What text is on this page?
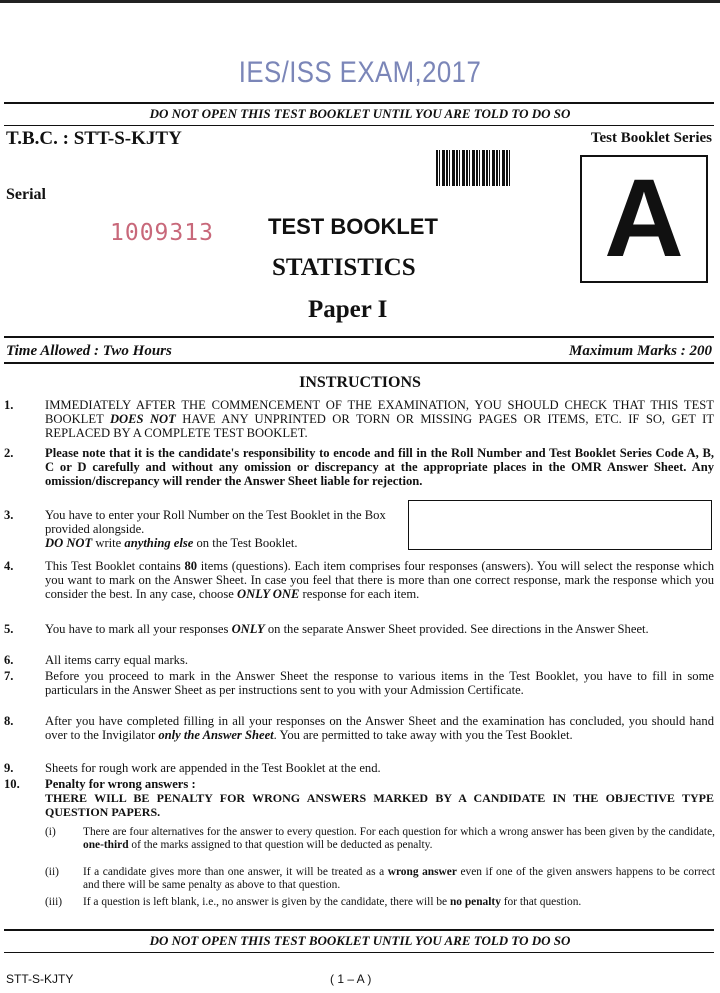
IES/ISS EXAM,2017
DO NOT OPEN THIS TEST BOOKLET UNTIL YOU ARE TOLD TO DO SO
T.B.C. : STT-S-KJTY	Test Booklet Series
A
Serial
1009313 TEST BOOKLET
STATISTICS
Paper I
Time Allowed : Two Hours	Maximum Marks : 200
INSTRUCTIONS
1.	IMMEDIATELY AFTER THE COMMENCEMENT OF THE EXAMINATION, YOU SHOULD CHECK THAT THIS TEST BOOKLET DOES NOT HAVE ANY UNPRINTED OR TORN OR MISSING PAGES OR ITEMS, ETC. IF SO, GET IT REPLACED BY A COMPLETE TEST BOOKLET.
2.	Please note that it is the candidate's responsibility to encode and fill in the Roll Number and Test Booklet Series Code A, B, C or D carefully and without any omission or discrepancy at the appropriate places in the OMR Answer Sheet. Any omission/discrepancy will render the Answer Sheet liable for rejection.
3.	You have to enter your Roll Number on the Test Booklet in the Box provided alongside.
DO NOT write anything else on the Test Booklet.
4.	This Test Booklet contains 80 items (questions). Each item comprises four responses (answers). You will select the response which you want to mark on the Answer Sheet. In case you feel that there is more than one correct response, mark the response which you consider the best. In any case, choose ONLY ONE response for each item.
5.	You have to mark all your responses ONLY on the separate Answer Sheet provided. See directions in the Answer Sheet.
6.	All items carry equal marks.
7.	Before you proceed to mark in the Answer Sheet the response to various items in the Test Booklet, you have to fill in some particulars in the Answer Sheet as per instructions sent to you with your Admission Certificate.
8.	After you have completed filling in all your responses on the Answer Sheet and the examination has concluded, you should hand over to the Invigilator only the Answer Sheet. You are permitted to take away with you the Test Booklet.
9.	Sheets for rough work are appended in the Test Booklet at the end.
10.	Penalty for wrong answers :
THERE WILL BE PENALTY FOR WRONG ANSWERS MARKED BY A CANDIDATE IN THE OBJECTIVE TYPE QUESTION PAPERS.
(i)	There are four alternatives for the answer to every question. For each question for which a wrong answer has been given by the candidate, one-third of the marks assigned to that question will be deducted as penalty.
(ii)	If a candidate gives more than one answer, it will be treated as a wrong answer even if one of the given answers happens to be correct and there will be same penalty as above to that question.
(iii)	If a question is left blank, i.e., no answer is given by the candidate, there will be no penalty for that question.
DO NOT OPEN THIS TEST BOOKLET UNTIL YOU ARE TOLD TO DO SO
STT-S-KJTY	( 1 – A )
